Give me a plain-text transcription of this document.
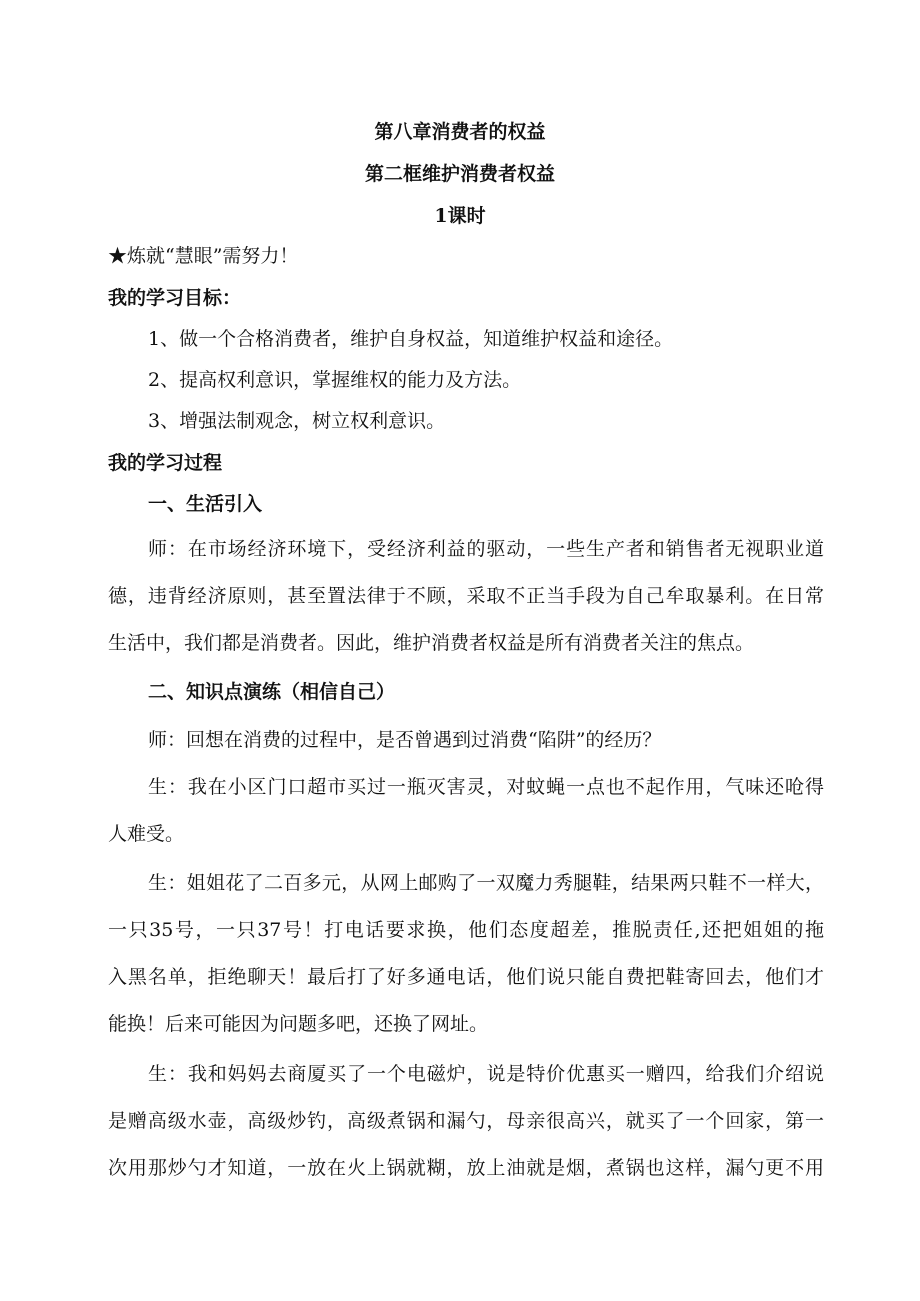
第八章消费者的权益
第二框维护消费者权益
1课时
★炼就“慧眼”需努力！
我的学习目标：
1、做一个合格消费者，维护自身权益，知道维护权益和途径。
2、提高权利意识，掌握维权的能力及方法。
3、增强法制观念，树立权利意识。
我的学习过程
一、生活引入
师：在市场经济环境下，受经济利益的驱动，一些生产者和销售者无视职业道
德，违背经济原则，甚至置法律于不顾，采取不正当手段为自己牟取暴利。在日常
生活中，我们都是消费者。因此，维护消费者权益是所有消费者关注的焦点。
二、知识点演练（相信自己）
师：回想在消费的过程中，是否曾遇到过消费“陷阱”的经历？
生：我在小区门口超市买过一瓶灭害灵，对蚊蝇一点也不起作用，气味还呛得
人难受。
生：姐姐花了二百多元，从网上邮购了一双魔力秀腿鞋，结果两只鞋不一样大，
一只35号，一只37号！打电话要求换，他们态度超差，推脱责任,还把姐姐的拖
入黑名单，拒绝聊天！最后打了好多通电话，他们说只能自费把鞋寄回去，他们才
能换！后来可能因为问题多吧，还换了网址。
生：我和妈妈去商厦买了一个电磁炉，说是特价优惠买一赠四，给我们介绍说
是赠高级水壶，高级炒钓，高级煮锅和漏勺，母亲很高兴，就买了一个回家，第一
次用那炒勺才知道，一放在火上锅就糊，放上油就是烟，煮锅也这样，漏勺更不用
